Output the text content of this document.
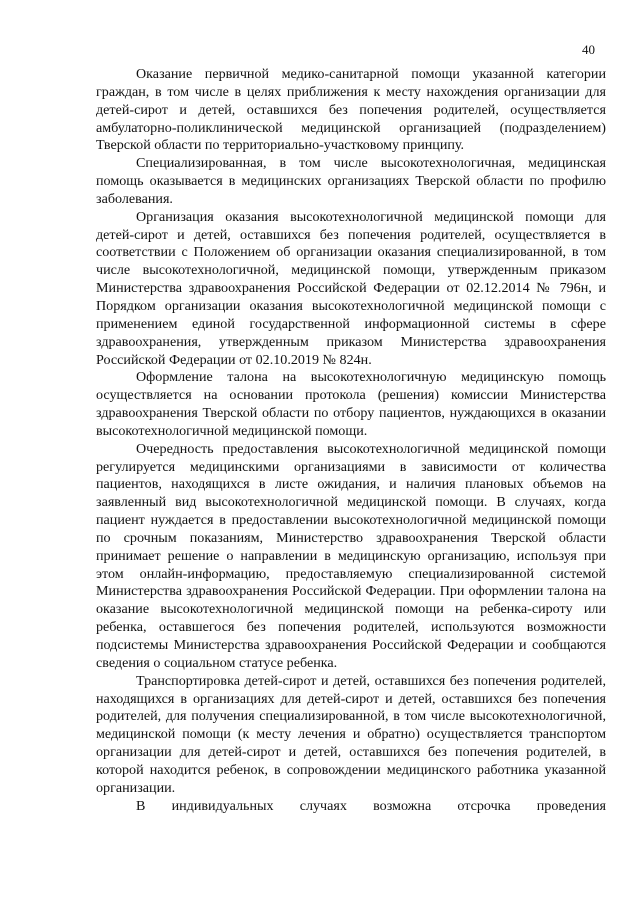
40

Оказание первичной медико-санитарной помощи указанной категории граждан, в том числе в целях приближения к месту нахождения организации для детей-сирот и детей, оставшихся без попечения родителей, осуществляется амбулаторно-поликлинической медицинской организацией (подразделением) Тверской области по территориально-участковому принципу.

Специализированная, в том числе высокотехнологичная, медицинская помощь оказывается в медицинских организациях Тверской области по профилю заболевания.

Организация оказания высокотехнологичной медицинской помощи для детей-сирот и детей, оставшихся без попечения родителей, осуществляется в соответствии с Положением об организации оказания специализированной, в том числе высокотехнологичной, медицинской помощи, утвержденным приказом Министерства здравоохранения Российской Федерации от 02.12.2014 № 796н, и Порядком организации оказания высокотехнологичной медицинской помощи с применением единой государственной информационной системы в сфере здравоохранения, утвержденным приказом Министерства здравоохранения Российской Федерации от 02.10.2019 № 824н.

Оформление талона на высокотехнологичную медицинскую помощь осуществляется на основании протокола (решения) комиссии Министерства здравоохранения Тверской области по отбору пациентов, нуждающихся в оказании высокотехнологичной медицинской помощи.

Очередность предоставления высокотехнологичной медицинской помощи регулируется медицинскими организациями в зависимости от количества пациентов, находящихся в листе ожидания, и наличия плановых объемов на заявленный вид высокотехнологичной медицинской помощи. В случаях, когда пациент нуждается в предоставлении высокотехнологичной медицинской помощи по срочным показаниям, Министерство здравоохранения Тверской области принимает решение о направлении в медицинскую организацию, используя при этом онлайн-информацию, предоставляемую специализированной системой Министерства здравоохранения Российской Федерации. При оформлении талона на оказание высокотехнологичной медицинской помощи на ребенка-сироту или ребенка, оставшегося без попечения родителей, используются возможности подсистемы Министерства здравоохранения Российской Федерации и сообщаются сведения о социальном статусе ребенка.

Транспортировка детей-сирот и детей, оставшихся без попечения родителей, находящихся в организациях для детей-сирот и детей, оставшихся без попечения родителей, для получения специализированной, в том числе высокотехнологичной, медицинской помощи (к месту лечения и обратно) осуществляется транспортом организации для детей-сирот и детей, оставшихся без попечения родителей, в которой находится ребенок, в сопровождении медицинского работника указанной организации.

В индивидуальных случаях возможна отсрочка проведения
